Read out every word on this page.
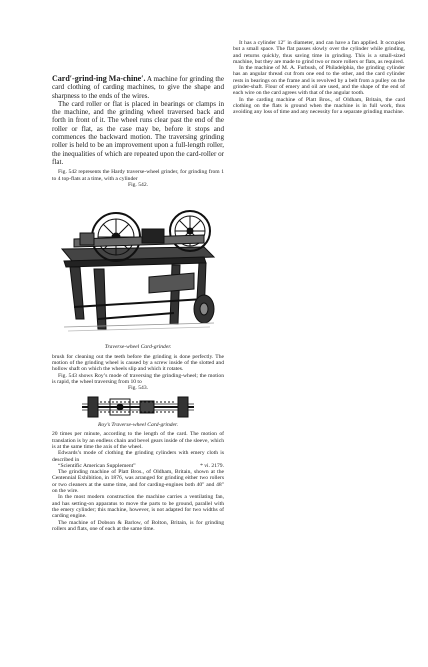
It has a cylinder 12″ in diameter, and can have a fan applied. It occupies but a small space. The flat passes slowly over the cylinder while grinding, and returns quickly, thus saving time in grinding. This is a small-sized machine, but they are made to grind two or more rollers or flats, as required.

In the machine of M. A. Furbush, of Philadelphia, the grinding cylinder has an angular thread cut from one end to the other, and the card cylinder rests in bearings on the frame and is revolved by a belt from a pulley on the grinder-shaft. Flour of emery and oil are used, and the shape of the end of each wire on the card agrees with that of the angular tooth.

In the carding machine of Platt Bros., of Oldham, Britain, the card clothing on the flats is ground when the machine is in full work, thus avoiding any loss of time and any necessity for a separate grinding machine.

Card′-grind-ing Ma-chine′. A machine for grinding the card clothing of carding machines, to give the shape and sharpness to the ends of the wires.

The card roller or flat is placed in bearings or clamps in the machine, and the grinding wheel traversed back and forth in front of it. The wheel runs clear past the end of the roller or flat, as the case may be, before it stops and commences the backward motion. The traversing grinding roller is held to be an improvement upon a full-length roller, the inequalities of which are repeated upon the card-roller or flat.

Fig. 542 represents the Hardy traverse-wheel grinder, for grinding from 1 to 4 top-flats at a time, with a cylinder

Fig. 542.

Traverse-wheel Card-grinder.

brush for cleaning out the teeth before the grinding is done perfectly. The motion of the grinding wheel is caused by a screw inside of the slotted and hollow shaft on which the wheels slip and which it rotates.

Fig. 543 shows Roy’s mode of traversing the grinding-wheel; the motion is rapid, the wheel traversing from 10 to

Fig. 543.

Roy’s Traverse-wheel Card-grinder.

20 times per minute, according to the length of the card. The motion of translation is by an endless chain and bevel gears inside of the sleeve, which is at the same time the axis of the wheel.

Edwards’s mode of clothing the grinding cylinders with emery cloth is described in

“Scientific American Supplement”	* vi. 2179.

The grinding machine of Platt Bros., of Oldham, Britain, shown at the Centennial Exhibition, in 1876, was arranged for grinding either two rollers or two cleaners at the same time, and for carding-engines both 40″ and 48″ on the wire.

In the most modern construction the machine carries a ventilating fan, and has setting-on apparatus to move the parts to be ground, parallel with the emery cylinder; this machine, however, is not adapted for two widths of carding engine.

The machine of Dobson & Barlow, of Bolton, Britain, is for grinding rollers and flats, one of each at the same time.
